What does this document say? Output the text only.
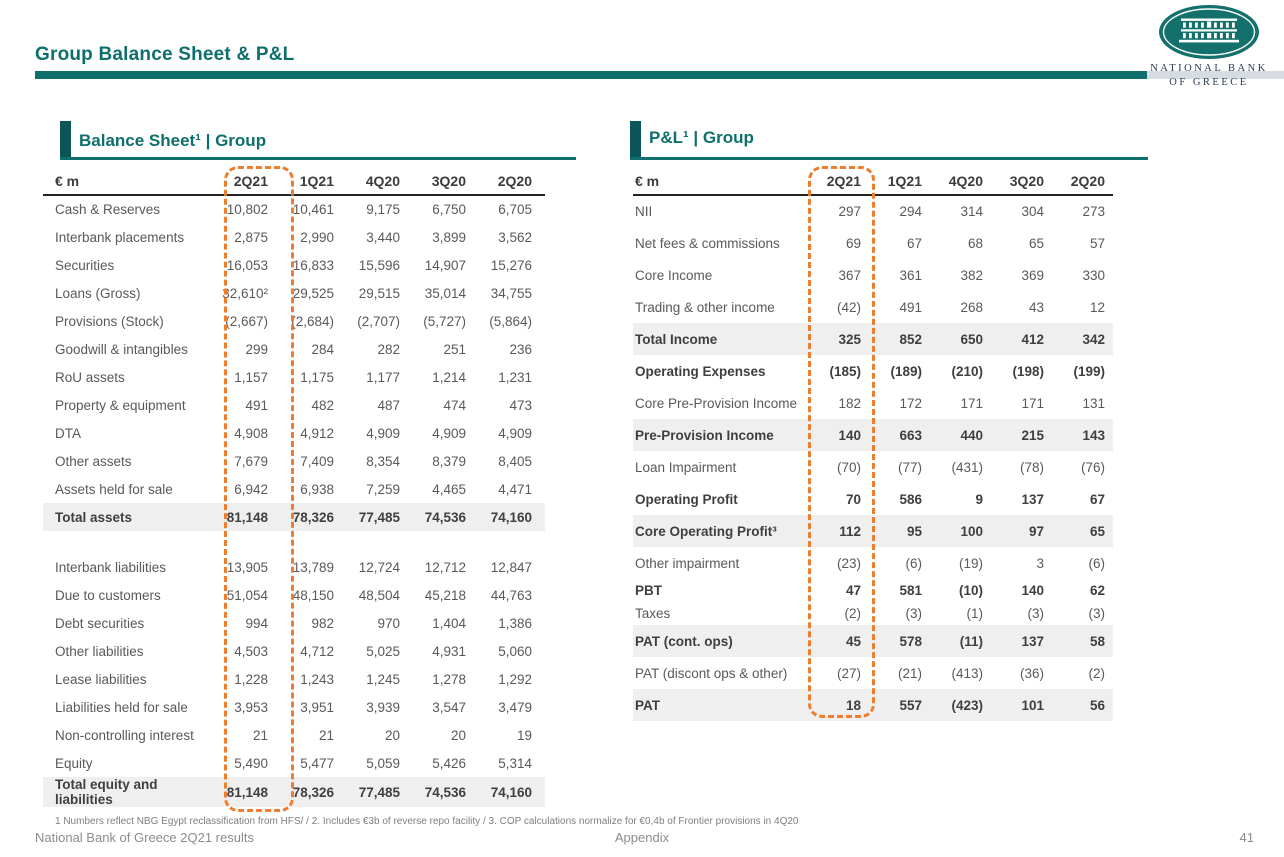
Group Balance Sheet & P&L
NATIONAL BANK
OF GREECE
Balance Sheet¹ | Group
€ m	2Q21	1Q21	4Q20	3Q20	2Q20
Cash & Reserves	10,802	10,461	9,175	6,750	6,705
Interbank placements	2,875	2,990	3,440	3,899	3,562
Securities	16,053	16,833	15,596	14,907	15,276
Loans (Gross)	32,610²	29,525	29,515	35,014	34,755
Provisions (Stock)	(2,667)	(2,684)	(2,707)	(5,727)	(5,864)
Goodwill & intangibles	299	284	282	251	236
RoU assets	1,157	1,175	1,177	1,214	1,231
Property & equipment	491	482	487	474	473
DTA	4,908	4,912	4,909	4,909	4,909
Other assets	7,679	7,409	8,354	8,379	8,405
Assets held for sale	6,942	6,938	7,259	4,465	4,471
Total assets	81,148	78,326	77,485	74,536	74,160

Interbank liabilities	13,905	13,789	12,724	12,712	12,847
Due to customers	51,054	48,150	48,504	45,218	44,763
Debt securities	994	982	970	1,404	1,386
Other liabilities	4,503	4,712	5,025	4,931	5,060
Lease liabilities	1,228	1,243	1,245	1,278	1,292
Liabilities held for sale	3,953	3,951	3,939	3,547	3,479
Non-controlling interest	21	21	20	20	19
Equity	5,490	5,477	5,059	5,426	5,314
Total equity and liabilities	81,148	78,326	77,485	74,536	74,160
P&L¹ | Group
€ m	2Q21	1Q21	4Q20	3Q20	2Q20
NII	297	294	314	304	273
Net fees & commissions	69	67	68	65	57
Core Income	367	361	382	369	330
Trading & other income	(42)	491	268	43	12
Total Income	325	852	650	412	342
Operating Expenses	(185)	(189)	(210)	(198)	(199)
Core Pre-Provision Income	182	172	171	171	131
Pre-Provision Income	140	663	440	215	143
Loan Impairment	(70)	(77)	(431)	(78)	(76)
Operating Profit	70	586	9	137	67
Core Operating Profit³	112	95	100	97	65
Other impairment	(23)	(6)	(19)	3	(6)
PBT	47	581	(10)	140	62
Taxes	(2)	(3)	(1)	(3)	(3)
PAT (cont. ops)	45	578	(11)	137	58
PAT (discont ops & other)	(27)	(21)	(413)	(36)	(2)
PAT	18	557	(423)	101	56
1 Numbers reflect NBG Egypt reclassification from HFS/ / 2. Includes €3b of reverse repo facility / 3. COP calculations normalize for €0,4b of Frontier provisions in 4Q20
National Bank of Greece 2Q21 results	Appendix	41
